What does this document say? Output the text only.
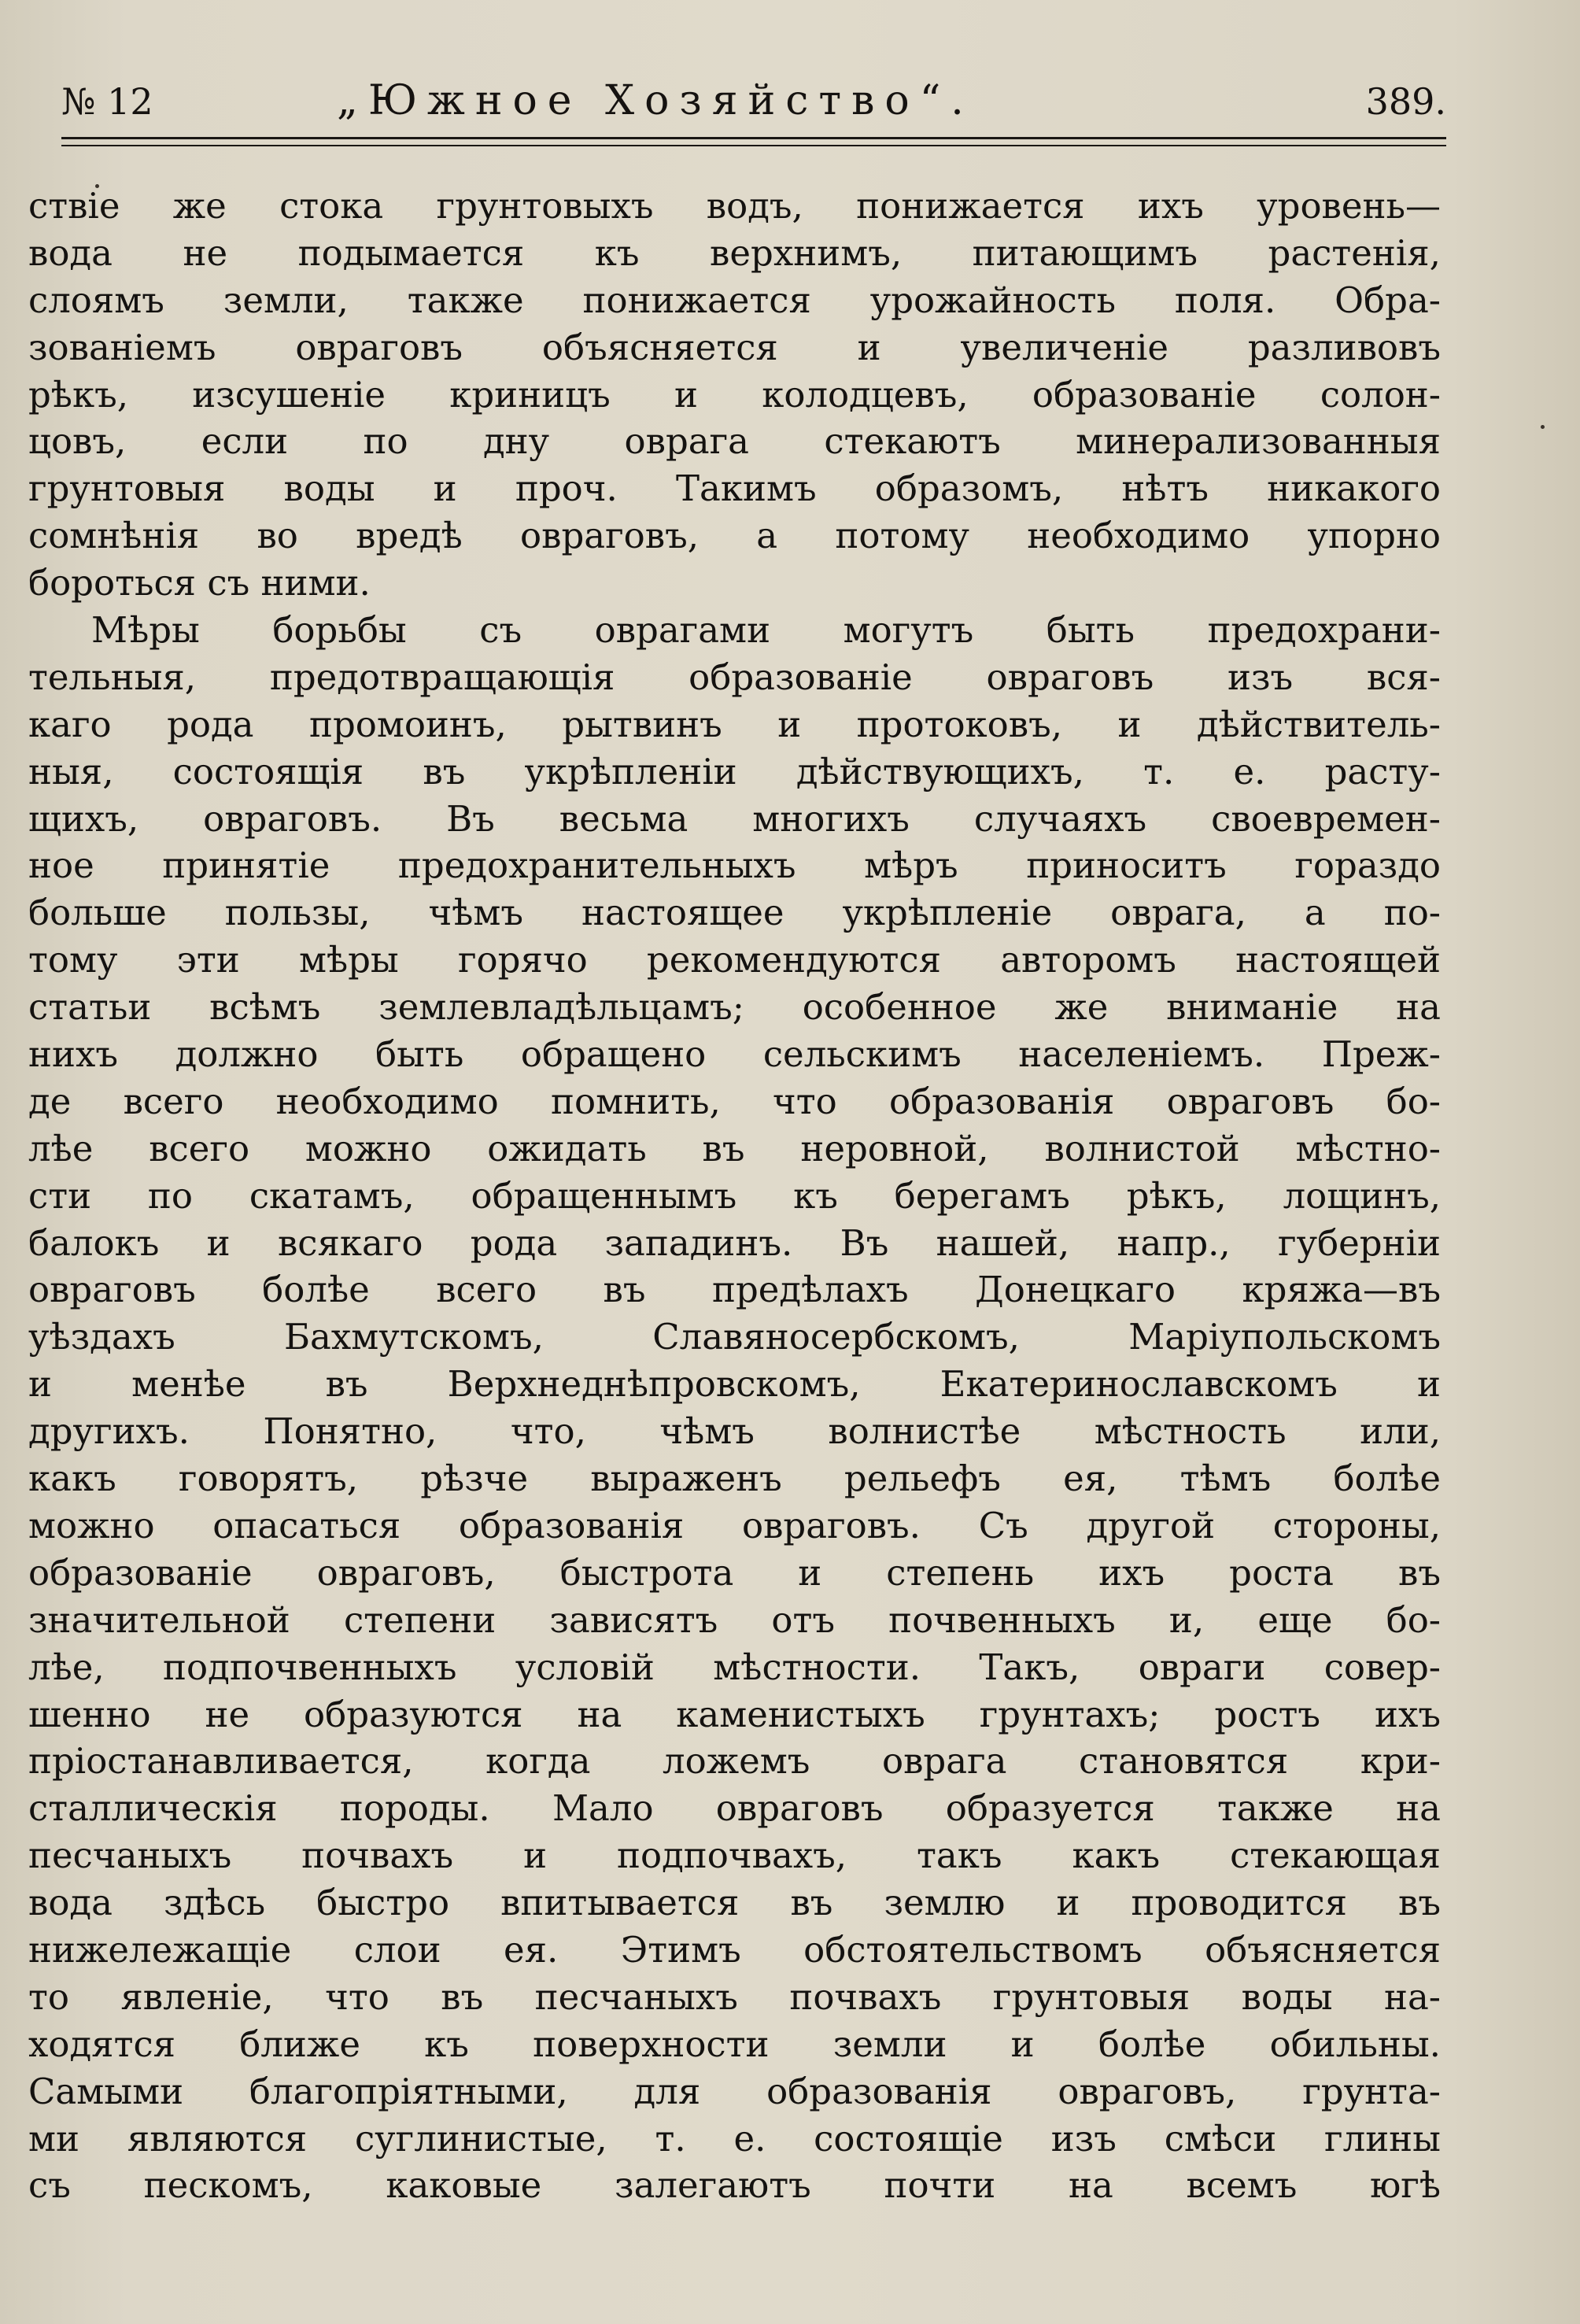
№ 12	„Южное Хозяйство“.	389.
ствіе же стока грунтовыхъ водъ, понижается ихъ уровень—
вода не подымается къ верхнимъ, питающимъ растенія,
слоямъ земли, также понижается урожайность поля. Обра-
зованіемъ овраговъ объясняется и увеличеніе разливовъ
рѣкъ, изсушеніе криницъ и колодцевъ, образованіе солон-
цовъ, если по дну оврага стекаютъ минерализованныя
грунтовыя воды и проч. Такимъ образомъ, нѣтъ никакого
сомнѣнія во вредѣ овраговъ, а потому необходимо упорно
бороться съ ними.
Мѣры борьбы съ оврагами могутъ быть предохрани-
тельныя, предотвращающія образованіе овраговъ изъ вся-
каго рода промоинъ, рытвинъ и протоковъ, и дѣйствитель-
ныя, состоящія въ укрѣпленіи дѣйствующихъ, т. е. расту-
щихъ, овраговъ. Въ весьма многихъ случаяхъ своевремен-
ное принятіе предохранительныхъ мѣръ приноситъ гораздо
больше пользы, чѣмъ настоящее укрѣпленіе оврага, а по-
тому эти мѣры горячо рекомендуются авторомъ настоящей
статьи всѣмъ землевладѣльцамъ; особенное же вниманіе на
нихъ должно быть обращено сельскимъ населеніемъ. Преж-
де всего необходимо помнить, что образованія овраговъ бо-
лѣе всего можно ожидать въ неровной, волнистой мѣстно-
сти по скатамъ, обращеннымъ къ берегамъ рѣкъ, лощинъ,
балокъ и всякаго рода западинъ. Въ нашей, напр., губерніи
овраговъ болѣе всего въ предѣлахъ Донецкаго кряжа—въ
уѣздахъ Бахмутскомъ, Славяносербскомъ, Маріупольскомъ
и менѣе въ Верхнеднѣпровскомъ, Екатеринославскомъ и
другихъ. Понятно, что, чѣмъ волнистѣе мѣстность или,
какъ говорятъ, рѣзче выраженъ рельефъ ея, тѣмъ болѣе
можно опасаться образованія овраговъ. Съ другой стороны,
образованіе овраговъ, быстрота и степень ихъ роста въ
значительной степени зависятъ отъ почвенныхъ и, еще бо-
лѣе, подпочвенныхъ условій мѣстности. Такъ, овраги совер-
шенно не образуются на каменистыхъ грунтахъ; ростъ ихъ
пріостанавливается, когда ложемъ оврага становятся кри-
сталлическія породы. Мало овраговъ образуется также на
песчаныхъ почвахъ и подпочвахъ, такъ какъ стекающая
вода здѣсь быстро впитывается въ землю и проводится въ
нижележащіе слои ея. Этимъ обстоятельствомъ объясняется
то явленіе, что въ песчаныхъ почвахъ грунтовыя воды на-
ходятся ближе къ поверхности земли и болѣе обильны.
Самыми благопріятными, для образованія овраговъ, грунта-
ми являются суглинистые, т. е. состоящіе изъ смѣси глины
съ пескомъ, каковые залегаютъ почти на всемъ югѣ
